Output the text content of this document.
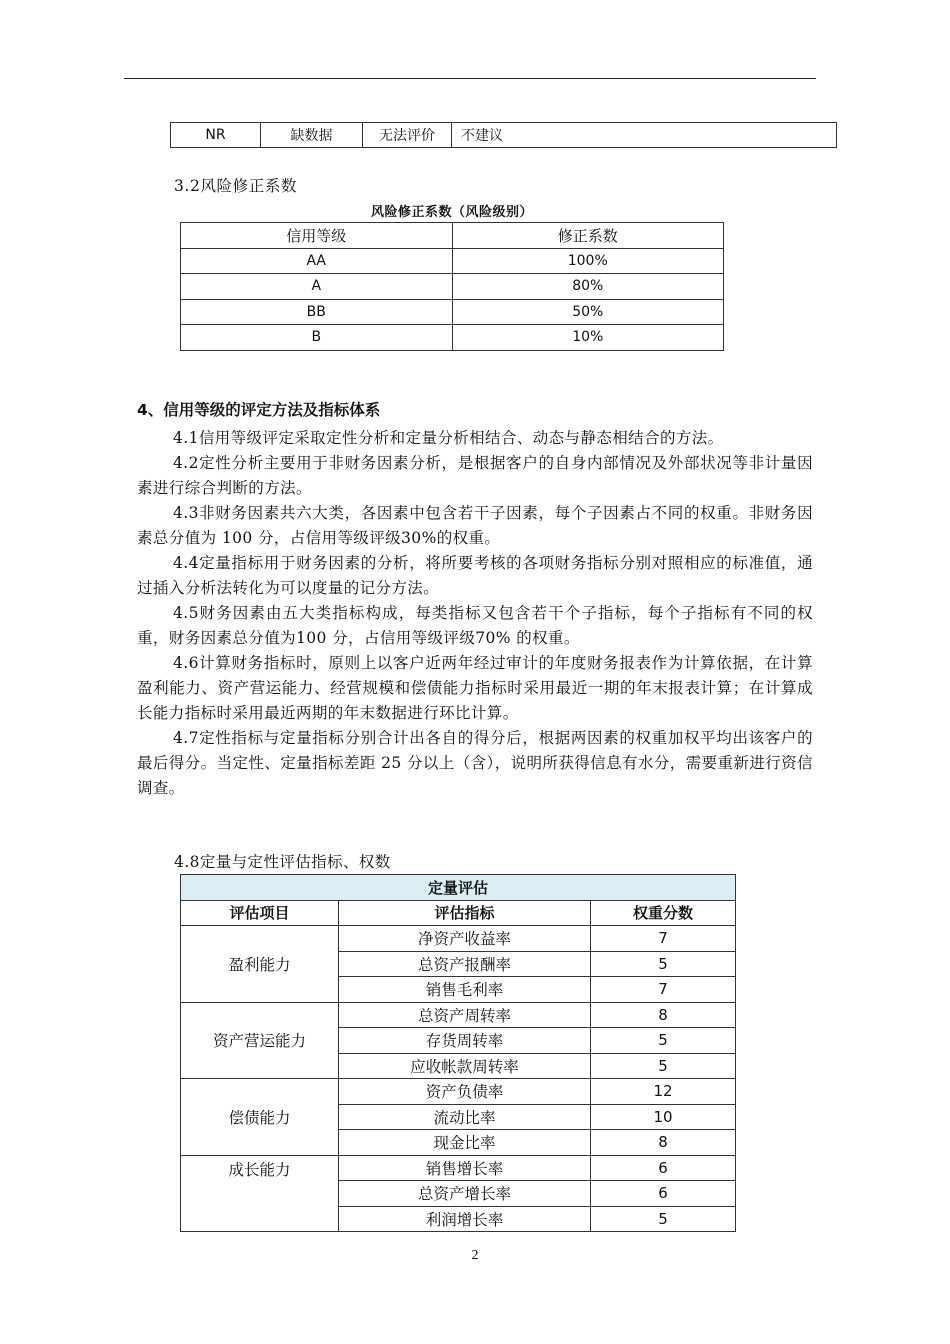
NR	缺数据	无法评价	不建议
3.2风险修正系数
风险修正系数（风险级别）
信用等级	修正系数
AA	100%
A	80%
BB	50%
B	10%
4、信用等级的评定方法及指标体系

4.1信用等级评定采取定性分析和定量分析相结合、动态与静态相结合的方法。

4.2定性分析主要用于非财务因素分析，是根据客户的自身内部情况及外部状况等非计量因素进行综合判断的方法。

4.3非财务因素共六大类，各因素中包含若干子因素，每个子因素占不同的权重。非财务因素总分值为 100 分，占信用等级评级30%的权重。

4.4定量指标用于财务因素的分析，将所要考核的各项财务指标分别对照相应的标准值，通过插入分析法转化为可以度量的记分方法。

4.5财务因素由五大类指标构成，每类指标又包含若干个子指标，每个子指标有不同的权重，财务因素总分值为100 分，占信用等级评级70% 的权重。

4.6计算财务指标时，原则上以客户近两年经过审计的年度财务报表作为计算依据，在计算盈利能力、资产营运能力、经营规模和偿债能力指标时采用最近一期的年末报表计算；在计算成长能力指标时采用最近两期的年末数据进行环比计算。

4.7定性指标与定量指标分别合计出各自的得分后，根据两因素的权重加权平均出该客户的最后得分。当定性、定量指标差距 25 分以上（含），说明所获得信息有水分，需要重新进行资信调查。

4.8定量与定性评估指标、权数
定量评估		
评估项目	评估指标	权重分数
盈利能力	净资产收益率	7
	总资产报酬率	5
	销售毛利率	7
资产营运能力	总资产周转率	8
	存货周转率	5
	应收帐款周转率	5
偿债能力	资产负债率	12
	流动比率	10
	现金比率	8
成长能力	销售增长率	6
	总资产增长率	6
	利润增长率	5
2
